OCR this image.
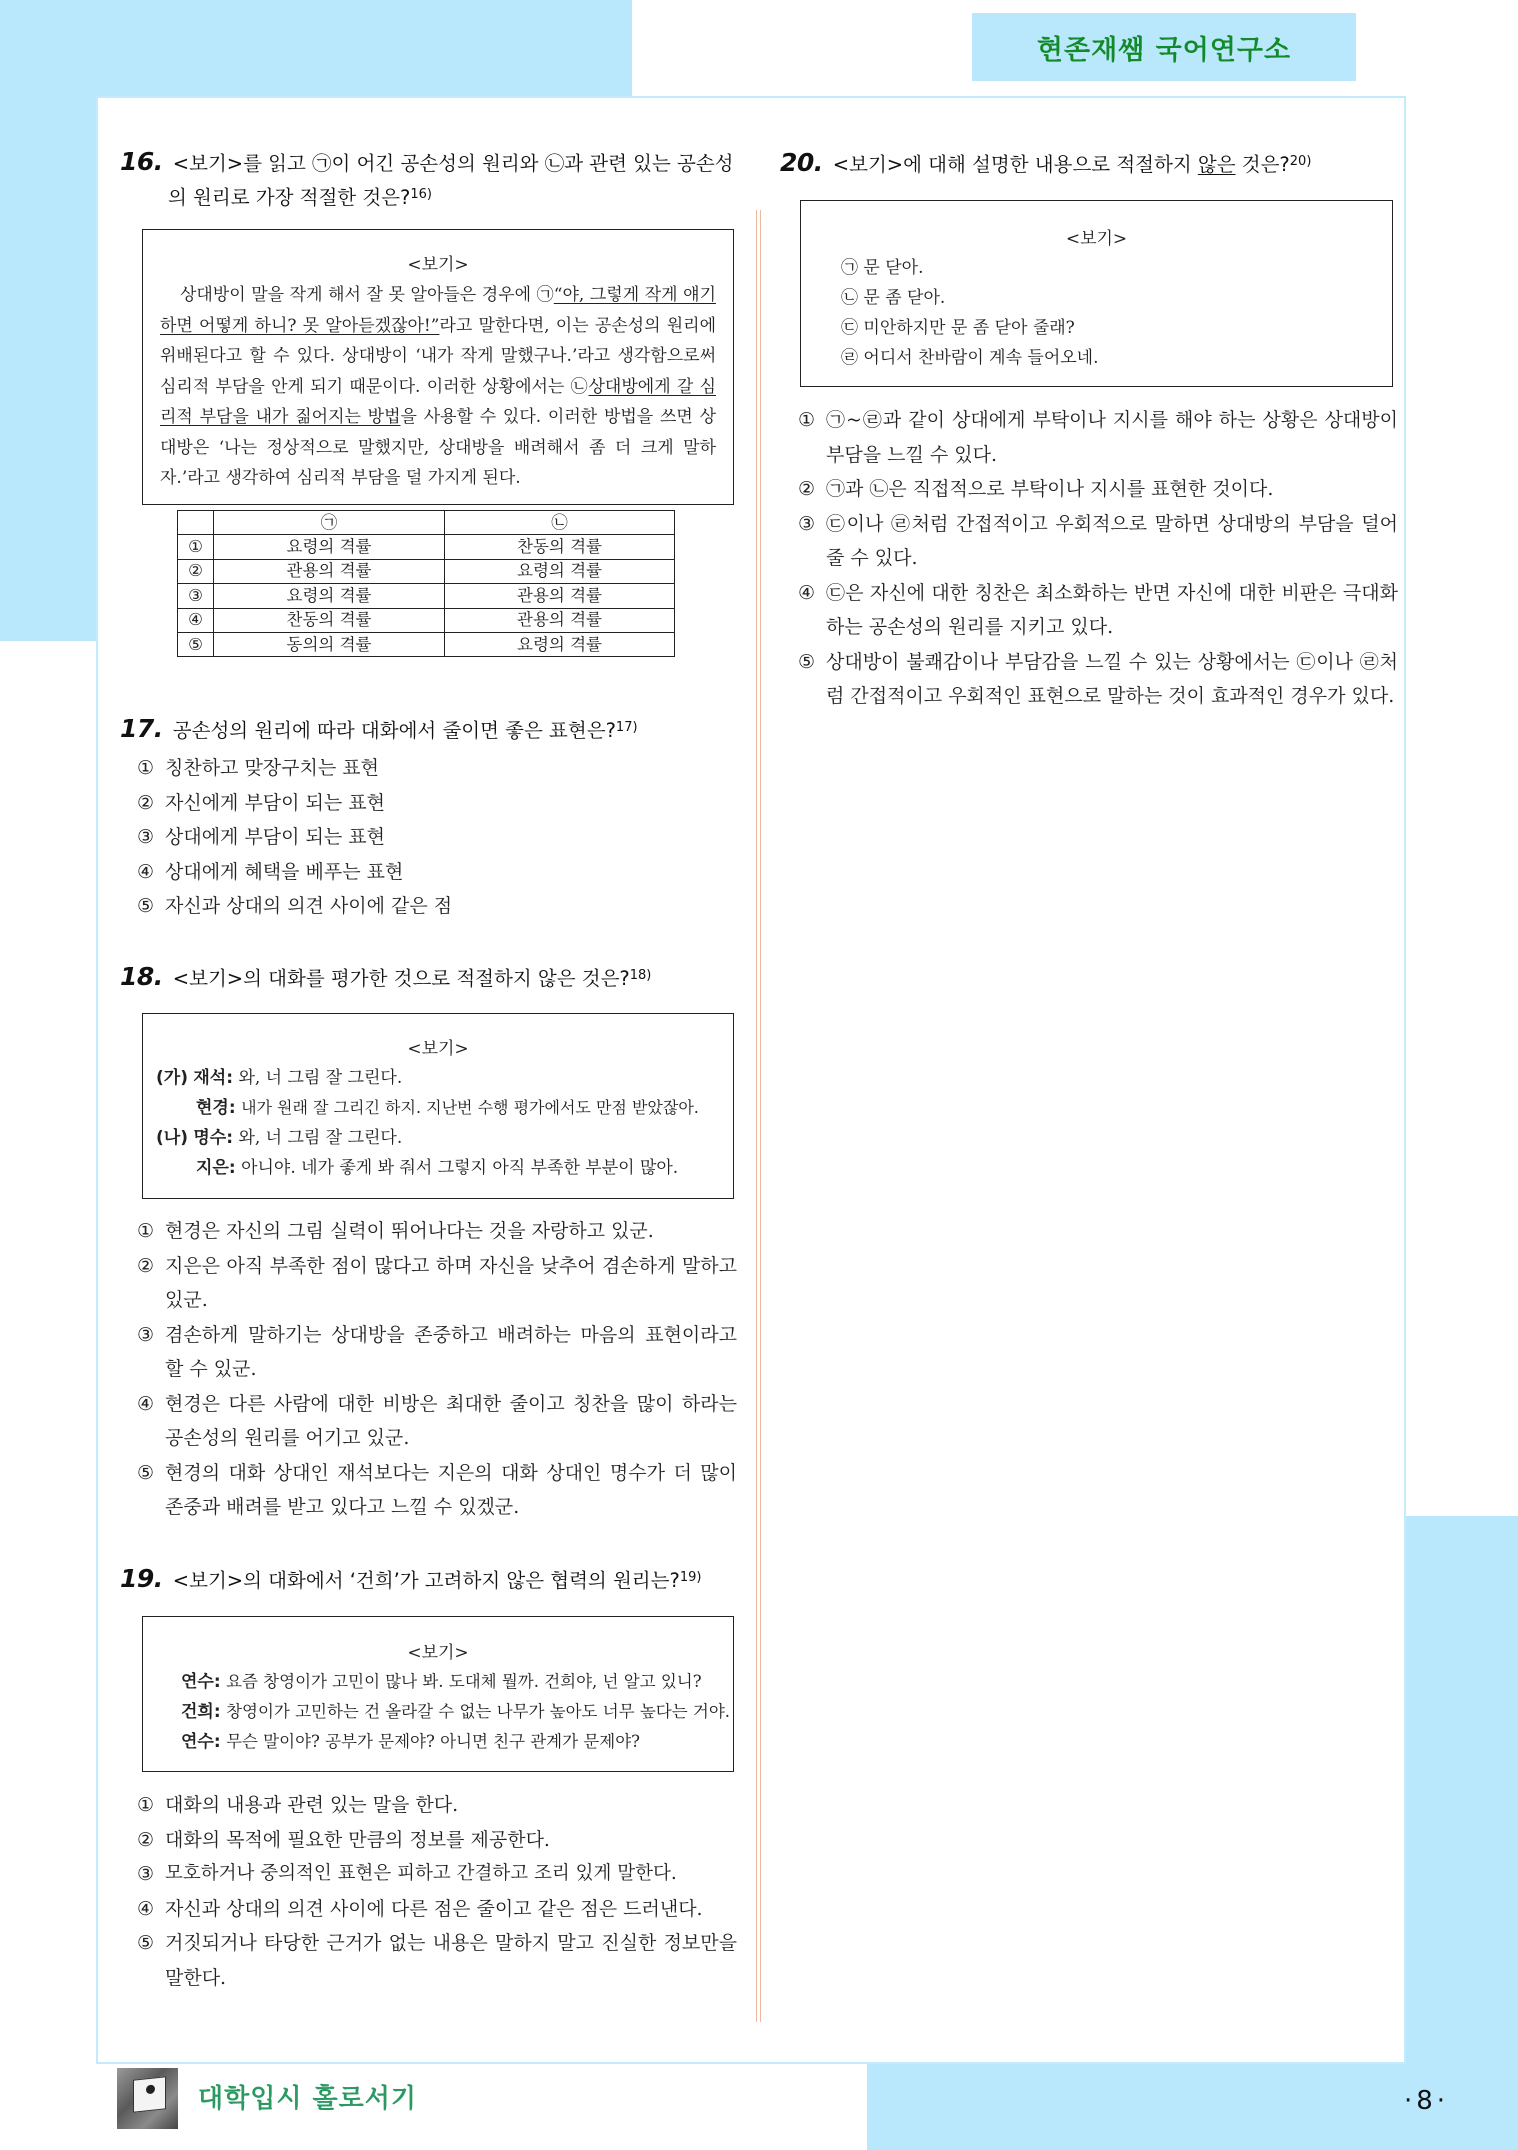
현존재쌤 국어연구소
16. <보기>를 읽고 ㉠이 어긴 공손성의 원리와 ㉡과 관련 있는 공손성
의 원리로 가장 적절한 것은?$^{16)}$
<보기>

상대방이 말을 작게 해서 잘 못 알아들은 경우에 ㉠“야, 그렇게 작게 얘기하면 어떻게 하니? 못 알아듣겠잖아!”라고 말한다면, 이는 공손성의 원리에 위배된다고 할 수 있다. 상대방이 ‘내가 작게 말했구나.’라고 생각함으로써 심리적 부담을 안게 되기 때문이다. 이러한 상황에서는 ㉡상대방에게 갈 심리적 부담을 내가 짊어지는 방법을 사용할 수 있다. 이러한 방법을 쓰면 상대방은 ‘나는 정상적으로 말했지만, 상대방을 배려해서 좀 더 크게 말하자.’라고 생각하여 심리적 부담을 덜 가지게 된다.

	㉠	㉡
①	요령의 격률	찬동의 격률
②	관용의 격률	요령의 격률
③	요령의 격률	관용의 격률
④	찬동의 격률	관용의 격률
⑤	동의의 격률	요령의 격률
17. 공손성의 원리에 따라 대화에서 줄이면 좋은 표현은?$^{17)}$
① 칭찬하고 맞장구치는 표현
② 자신에게 부담이 되는 표현
③ 상대에게 부담이 되는 표현
④ 상대에게 혜택을 베푸는 표현
⑤ 자신과 상대의 의견 사이에 같은 점
18. <보기>의 대화를 평가한 것으로 적절하지 않은 것은?$^{18)}$
<보기>
(가) 재석: 와, 너 그림 잘 그린다.
현경: 내가 원래 잘 그리긴 하지. 지난번 수행 평가에서도 만점 받았잖아.
(나) 명수: 와, 너 그림 잘 그린다.
지은: 아니야. 네가 좋게 봐 줘서 그렇지 아직 부족한 부분이 많아.
① 현경은 자신의 그림 실력이 뛰어나다는 것을 자랑하고 있군.
② 지은은 아직 부족한 점이 많다고 하며 자신을 낮추어 겸손하게 말하고 있군.
③ 겸손하게 말하기는 상대방을 존중하고 배려하는 마음의 표현이라고 할 수 있군.
④ 현경은 다른 사람에 대한 비방은 최대한 줄이고 칭찬을 많이 하라는 공손성의 원리를 어기고 있군.
⑤ 현경의 대화 상대인 재석보다는 지은의 대화 상대인 명수가 더 많이 존중과 배려를 받고 있다고 느낄 수 있겠군.
19. <보기>의 대화에서 ‘건희’가 고려하지 않은 협력의 원리는?$^{19)}$
<보기>
연수: 요즘 창영이가 고민이 많나 봐. 도대체 뭘까. 건희야, 넌 알고 있니?
건희: 창영이가 고민하는 건 올라갈 수 없는 나무가 높아도 너무 높다는 거야.
연수: 무슨 말이야? 공부가 문제야? 아니면 친구 관계가 문제야?
① 대화의 내용과 관련 있는 말을 한다.
② 대화의 목적에 필요한 만큼의 정보를 제공한다.
③ 모호하거나 중의적인 표현은 피하고 간결하고 조리 있게 말한다.
④ 자신과 상대의 의견 사이에 다른 점은 줄이고 같은 점은 드러낸다.
⑤ 거짓되거나 타당한 근거가 없는 내용은 말하지 말고 진실한 정보만을 말한다.
20. <보기>에 대해 설명한 내용으로 적절하지 않은 것은?$^{20)}$
<보기>
㉠ 문 닫아.
㉡ 문 좀 닫아.
㉢ 미안하지만 문 좀 닫아 줄래?
㉣ 어디서 찬바람이 계속 들어오네.
① ㉠~㉣과 같이 상대에게 부탁이나 지시를 해야 하는 상황은 상대방이 부담을 느낄 수 있다.
② ㉠과 ㉡은 직접적으로 부탁이나 지시를 표현한 것이다.
③ ㉢이나 ㉣처럼 간접적이고 우회적으로 말하면 상대방의 부담을 덜어 줄 수 있다.
④ ㉢은 자신에 대한 칭찬은 최소화하는 반면 자신에 대한 비판은 극대화하는 공손성의 원리를 지키고 있다.
⑤ 상대방이 불쾌감이나 부담감을 느낄 수 있는 상황에서는 ㉢이나 ㉣처럼 간접적이고 우회적인 표현으로 말하는 것이 효과적인 경우가 있다.
대학입시 홀로서기	·8·
